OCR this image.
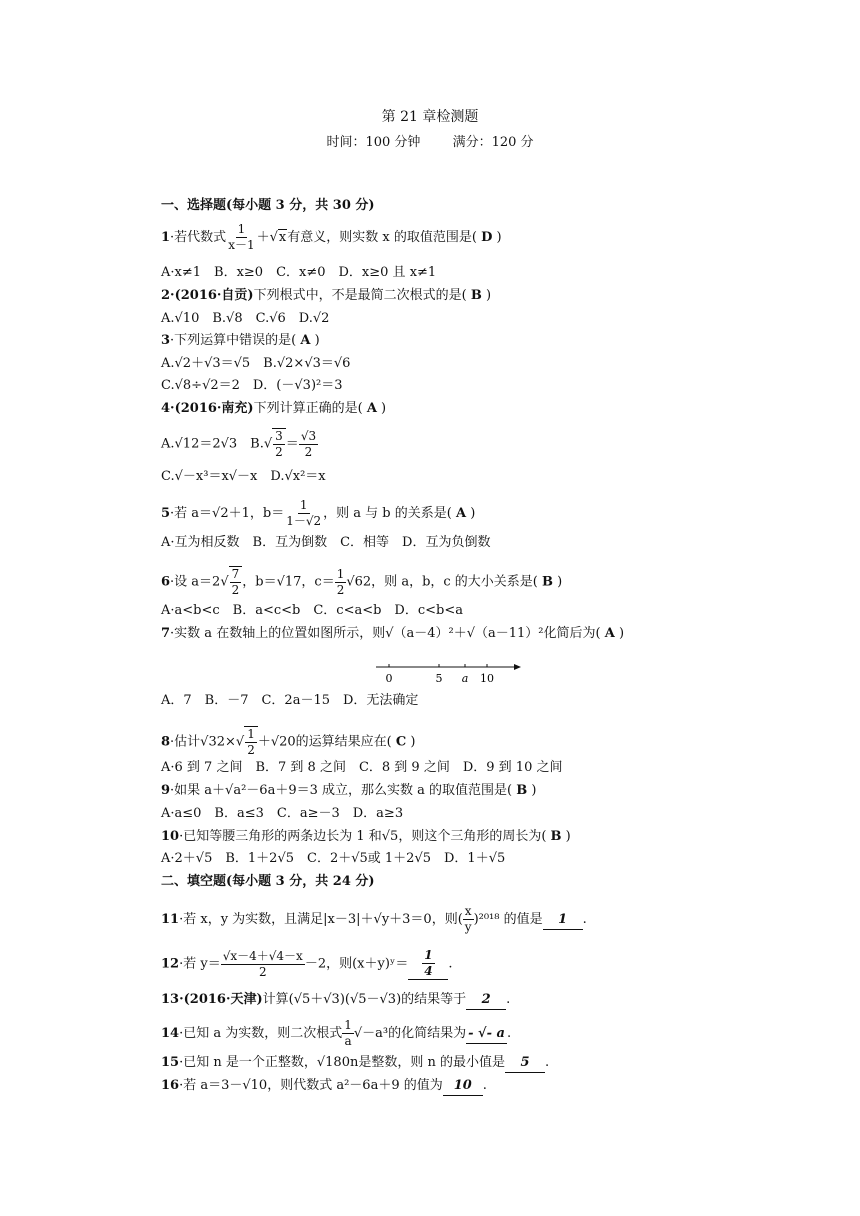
第 21 章检测题
时间：100 分钟 满分：120 分
一、选择题(每小题 3 分，共 30 分)
1·若代数式 $\frac{1}{x-1} +√x$有意义，则实数 x 的取值范围是( D )
A·x≠1　B．x≥0　C．x≠0　D．x≥0 且 x≠1
2·(2016·自贡)下列根式中，不是最简二次根式的是( B )
A.√10　B.√8　C.√6　D.√2
3·下列运算中错误的是( A )
A.√2＋√3＝√5　B.√2×√3＝√6
C.√8÷√2＝2　D．(－√3)²＝3
4·(2016·南充)下列计算正确的是( A )
A.√12＝2√3　$B.√ \frac{3}{2} = \frac{√3}{2}$
C.√－x³＝x√－x　D.√x²＝x
5·若 a＝√2＋1，$b= \frac{1}{1-√2}$ ，则 a 与 b 的关系是( A )
A·互为相反数　B．互为倒数　C．相等　D．互为负倒数
6·设 $a=2√ \frac{7}{2}$ ，b＝√17，$c= \frac{1}{2} √62$，则 a，b，c 的大小关系是( B )
A·a<b<c　B．a<c<b　C．c<a<b　D．c<b<a
7·实数 a 在数轴上的位置如图所示，则√（a－4）²＋√（a－11）²化简后为( A )
0	5 a 10
A．7　B．－7　C．2a－15　D．无法确定
8·估计$√32\times√ \frac{1}{2} +√20$的运算结果应在( C )
A·6 到 7 之间　B．7 到 8 之间　C．8 到 9 之间　D．9 到 10 之间
9·如果 a＋√a²－6a＋9＝3 成立，那么实数 a 的取值范围是( B )
A·a≤0　B．a≤3　C．a≥－3　D．a≥3
10·已知等腰三角形的两条边长为 1 和√5，则这个三角形的周长为( B )
A·2＋√5　B．1＋2√5　C．2＋√5或 1＋2√5　D．1＋√5
二、填空题(每小题 3 分，共 24 分)
11·若 x，y 为实数，且满足|x－3|＋√y＋3＝0，则( $\frac{x}{y} )^{2018}$ 的值是 1 .
12·若 $y= \frac{√x-4+√4-x}{2} -2$，则(x＋y)ʸ＝ $\frac{1}{4}$ .
13·(2016·天津)计算(√5＋√3)(√5－√3)的结果等于 2 .
14·已知 a 为实数，则二次根式 $\frac{1}{a} √-a^3$的化简结果为 - √- a .
15·已知 n 是一个正整数，√180n是整数，则 n 的最小值是 5 .
16·若 a＝3－√10，则代数式 a²－6a＋9 的值为 10 .
